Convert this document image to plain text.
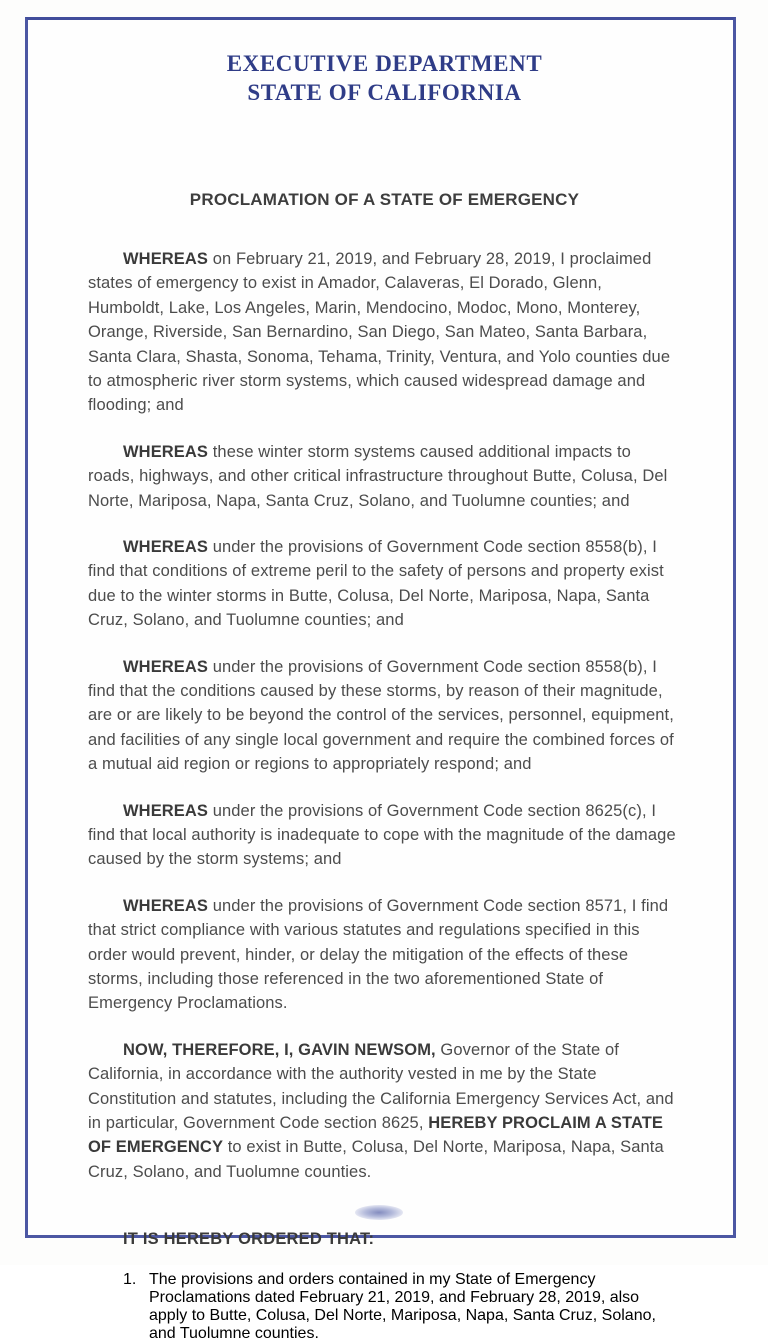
EXECUTIVE DEPARTMENT
STATE OF CALIFORNIA
PROCLAMATION OF A STATE OF EMERGENCY

WHEREAS on February 21, 2019, and February 28, 2019, I proclaimed states of emergency to exist in Amador, Calaveras, El Dorado, Glenn, Humboldt, Lake, Los Angeles, Marin, Mendocino, Modoc, Mono, Monterey, Orange, Riverside, San Bernardino, San Diego, San Mateo, Santa Barbara, Santa Clara, Shasta, Sonoma, Tehama, Trinity, Ventura, and Yolo counties due to atmospheric river storm systems, which caused widespread damage and flooding; and

WHEREAS these winter storm systems caused additional impacts to roads, highways, and other critical infrastructure throughout Butte, Colusa, Del Norte, Mariposa, Napa, Santa Cruz, Solano, and Tuolumne counties; and

WHEREAS under the provisions of Government Code section 8558(b), I find that conditions of extreme peril to the safety of persons and property exist due to the winter storms in Butte, Colusa, Del Norte, Mariposa, Napa, Santa Cruz, Solano, and Tuolumne counties; and

WHEREAS under the provisions of Government Code section 8558(b), I find that the conditions caused by these storms, by reason of their magnitude, are or are likely to be beyond the control of the services, personnel, equipment, and facilities of any single local government and require the combined forces of a mutual aid region or regions to appropriately respond; and

WHEREAS under the provisions of Government Code section 8625(c), I find that local authority is inadequate to cope with the magnitude of the damage caused by the storm systems; and

WHEREAS under the provisions of Government Code section 8571, I find that strict compliance with various statutes and regulations specified in this order would prevent, hinder, or delay the mitigation of the effects of these storms, including those referenced in the two aforementioned State of Emergency Proclamations.

NOW, THEREFORE, I, GAVIN NEWSOM, Governor of the State of California, in accordance with the authority vested in me by the State Constitution and statutes, including the California Emergency Services Act, and in particular, Government Code section 8625, HEREBY PROCLAIM A STATE OF EMERGENCY to exist in Butte, Colusa, Del Norte, Mariposa, Napa, Santa Cruz, Solano, and Tuolumne counties.

IT IS HEREBY ORDERED THAT:
1. The provisions and orders contained in my State of Emergency Proclamations dated February 21, 2019, and February 28, 2019, also apply to Butte, Colusa, Del Norte, Mariposa, Napa, Santa Cruz, Solano, and Tuolumne counties.
